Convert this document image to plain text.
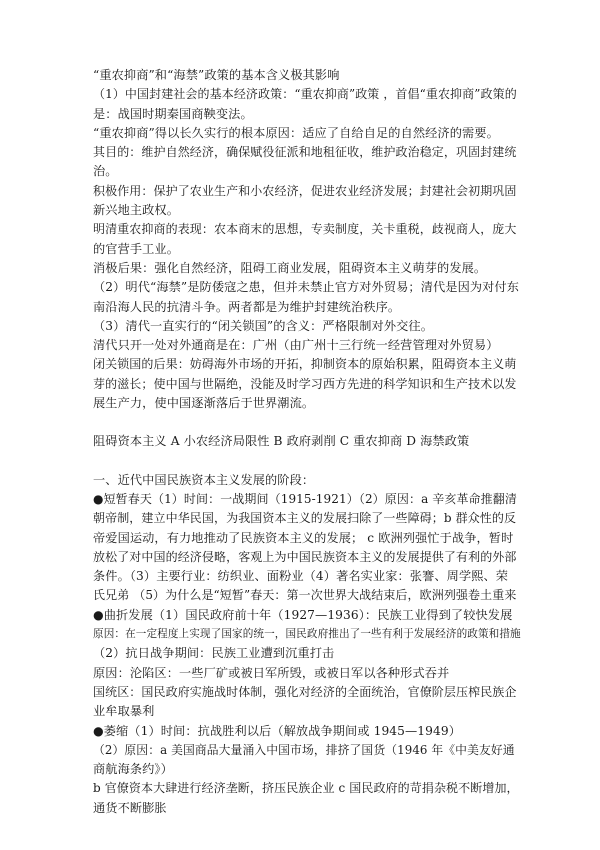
“重农抑商”和“海禁”政策的基本含义极其影响
（1）中国封建社会的基本经济政策：“重农抑商”政策 ，首倡“重农抑商”政策的
是：战国时期秦国商鞅变法。
“重农抑商”得以长久实行的根本原因：适应了自给自足的自然经济的需要。
其目的：维护自然经济，确保赋役征派和地租征收，维护政治稳定，巩固封建统
治。
积极作用：保护了农业生产和小农经济，促进农业经济发展；封建社会初期巩固
新兴地主政权。
明清重农抑商的表现：农本商末的思想，专卖制度，关卡重税，歧视商人，庞大
的官营手工业。
消极后果：强化自然经济，阻碍工商业发展，阻碍资本主义萌芽的发展。
（2）明代“海禁”是防倭寇之患，但并未禁止官方对外贸易；清代是因为对付东
南沿海人民的抗清斗争。两者都是为维护封建统治秩序。
（3）清代一直实行的“闭关锁国”的含义：严格限制对外交往。
清代只开一处对外通商是在：广州（由广州十三行统一经营管理对外贸易）
闭关锁国的后果：妨碍海外市场的开拓，抑制资本的原始积累，阻碍资本主义萌
芽的滋长；使中国与世隔绝，没能及时学习西方先进的科学知识和生产技术以发
展生产力，使中国逐渐落后于世界潮流。
阻碍资本主义 A 小农经济局限性 B 政府剥削 C 重农抑商 D 海禁政策
一、近代中国民族资本主义发展的阶段：
●短暂春天（1）时间：一战期间（1915-1921）（2）原因：a 辛亥革命推翻清
朝帝制，建立中华民国，为我国资本主义的发展扫除了一些障碍；b 群众性的反
帝爱国运动，有力地推动了民族资本主义的发展； c 欧洲列强忙于战争，暂时
放松了对中国的经济侵略，客观上为中国民族资本主义的发展提供了有利的外部
条件。（3）主要行业：纺织业、面粉业（4）著名实业家：张謇、周学熙、荣
氏兄弟 （5）为什么是“短暂”春天：第一次世界大战结束后，欧洲列强卷土重来
●曲折发展（1）国民政府前十年（1927—1936）：民族工业得到了较快发展
原因：在一定程度上实现了国家的统一，国民政府推出了一些有利于发展经济的政策和措施
（2）抗日战争期间：民族工业遭到沉重打击
原因：沦陷区：一些厂矿或被日军所毁，或被日军以各种形式吞并
国统区：国民政府实施战时体制，强化对经济的全面统治，官僚阶层压榨民族企
业牟取暴利
●萎缩（1）时间：抗战胜利以后（解放战争期间或 1945—1949）
（2）原因：a 美国商品大量涌入中国市场，排挤了国货（1946 年《中美友好通
商航海条约》）
b 官僚资本大肆进行经济垄断，挤压民族企业 c 国民政府的苛捐杂税不断增加，
通货不断膨胀
